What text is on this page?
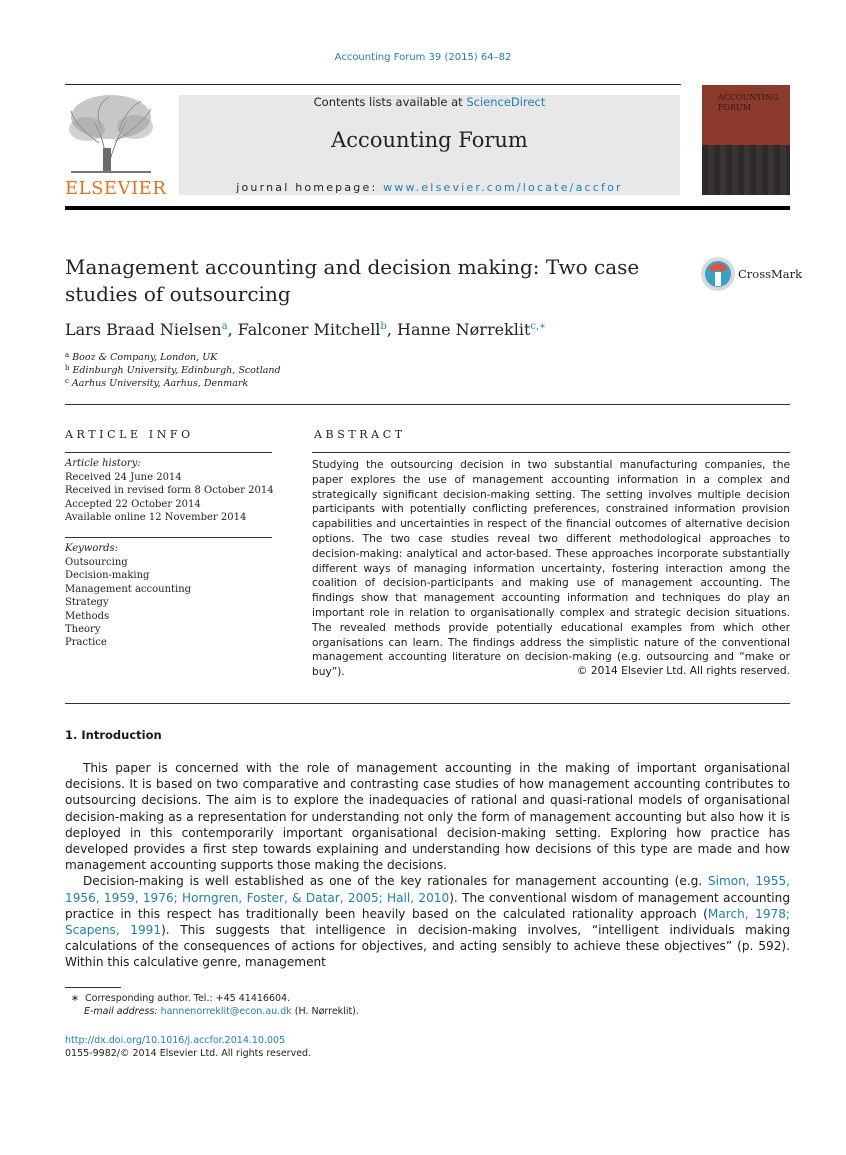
Accounting Forum 39 (2015) 64–82
ELSEVIER
Contents lists available at ScienceDirect
Accounting Forum
journal homepage: www.elsevier.com/locate/accfor
ACCOUNTING FORUM
Management accounting and decision making: Two case
studies of outsourcing
CrossMark
Lars Braad Nielsen$^a$, Falconer Mitchell$^b$, Hanne Nørreklit$^{c,∗}$
$^a$ Booz & Company, London, UK
$^b$ Edinburgh University, Edinburgh, Scotland
$^c$ Aarhus University, Aarhus, Denmark
ARTICLE INFO
Article history:
Received 24 June 2014
Received in revised form 8 October 2014
Accepted 22 October 2014
Available online 12 November 2014
Keywords:
Outsourcing
Decision-making
Management accounting
Strategy
Methods
Theory
Practice
ABSTRACT
Studying the outsourcing decision in two substantial manufacturing companies, the paper explores the use of management accounting information in a complex and strategically significant decision-making setting. The setting involves multiple decision participants with potentially conflicting preferences, constrained information provision capabilities and uncertainties in respect of the financial outcomes of alternative decision options. The two case studies reveal two different methodological approaches to decision-making: analytical and actor-based. These approaches incorporate substantially different ways of managing information uncertainty, fostering interaction among the coalition of decision-participants and making use of management accounting. The findings show that management accounting information and techniques do play an important role in relation to organisationally complex and strategic decision situations. The revealed methods provide potentially educational examples from which other organisations can learn. The findings address the simplistic nature of the conventional management accounting literature on decision-making (e.g. outsourcing and “make or buy”).	© 2014 Elsevier Ltd. All rights reserved.
1. Introduction

This paper is concerned with the role of management accounting in the making of important organisational decisions. It is based on two comparative and contrasting case studies of how management accounting contributes to outsourcing decisions. The aim is to explore the inadequacies of rational and quasi-rational models of organisational decision-making as a representation for understanding not only the form of management accounting but also how it is deployed in this contemporarily important organisational decision-making setting. Exploring how practice has developed provides a first step towards explaining and understanding how decisions of this type are made and how management accounting supports those making the decisions.

Decision-making is well established as one of the key rationales for management accounting (e.g. Simon, 1955, 1956, 1959, 1976; Horngren, Foster, & Datar, 2005; Hall, 2010). The conventional wisdom of management accounting practice in this respect has traditionally been heavily based on the calculated rationality approach (March, 1978; Scapens, 1991). This suggests that intelligence in decision-making involves, “intelligent individuals making calculations of the consequences of actions for objectives, and acting sensibly to achieve these objectives” (p. 592). Within this calculative genre, management

∗ Corresponding author. Tel.: +45 41416604.
E-mail address: hannenorreklit@econ.au.dk (H. Nørreklit).
http://dx.doi.org/10.1016/j.accfor.2014.10.005
0155-9982/© 2014 Elsevier Ltd. All rights reserved.
